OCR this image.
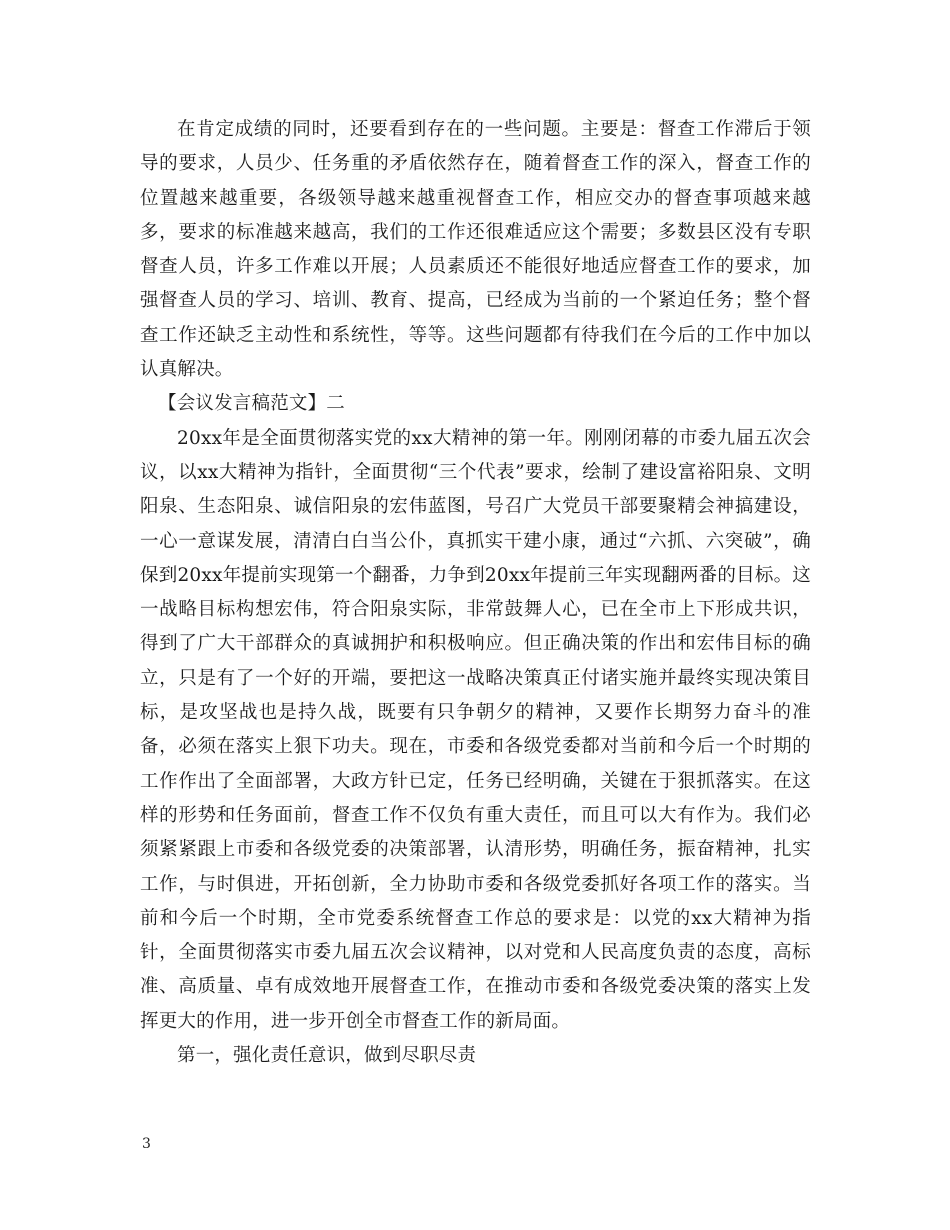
在肯定成绩的同时，还要看到存在的一些问题。主要是：督查工作滞后于领导的要求，人员少、任务重的矛盾依然存在，随着督查工作的深入，督查工作的位置越来越重要，各级领导越来越重视督查工作，相应交办的督查事项越来越多，要求的标准越来越高，我们的工作还很难适应这个需要；多数县区没有专职督查人员，许多工作难以开展；人员素质还不能很好地适应督查工作的要求，加强督查人员的学习、培训、教育、提高，已经成为当前的一个紧迫任务；整个督查工作还缺乏主动性和系统性，等等。这些问题都有待我们在今后的工作中加以认真解决。

【会议发言稿范文】二

20xx年是全面贯彻落实党的xx大精神的第一年。刚刚闭幕的市委九届五次会议，以xx大精神为指针，全面贯彻“三个代表”要求，绘制了建设富裕阳泉、文明阳泉、生态阳泉、诚信阳泉的宏伟蓝图，号召广大党员干部要聚精会神搞建设，一心一意谋发展，清清白白当公仆，真抓实干建小康，通过“六抓、六突破”，确保到20xx年提前实现第一个翻番，力争到20xx年提前三年实现翻两番的目标。这一战略目标构想宏伟，符合阳泉实际，非常鼓舞人心，已在全市上下形成共识，得到了广大干部群众的真诚拥护和积极响应。但正确决策的作出和宏伟目标的确立，只是有了一个好的开端，要把这一战略决策真正付诸实施并最终实现决策目标，是攻坚战也是持久战，既要有只争朝夕的精神，又要作长期努力奋斗的准备，必须在落实上狠下功夫。现在，市委和各级党委都对当前和今后一个时期的工作作出了全面部署，大政方针已定，任务已经明确，关键在于狠抓落实。在这样的形势和任务面前，督查工作不仅负有重大责任，而且可以大有作为。我们必须紧紧跟上市委和各级党委的决策部署，认清形势，明确任务，振奋精神，扎实工作，与时俱进，开拓创新，全力协助市委和各级党委抓好各项工作的落实。当前和今后一个时期，全市党委系统督查工作总的要求是：以党的xx大精神为指针，全面贯彻落实市委九届五次会议精神，以对党和人民高度负责的态度，高标准、高质量、卓有成效地开展督查工作，在推动市委和各级党委决策的落实上发挥更大的作用，进一步开创全市督查工作的新局面。

第一，强化责任意识，做到尽职尽责

3
